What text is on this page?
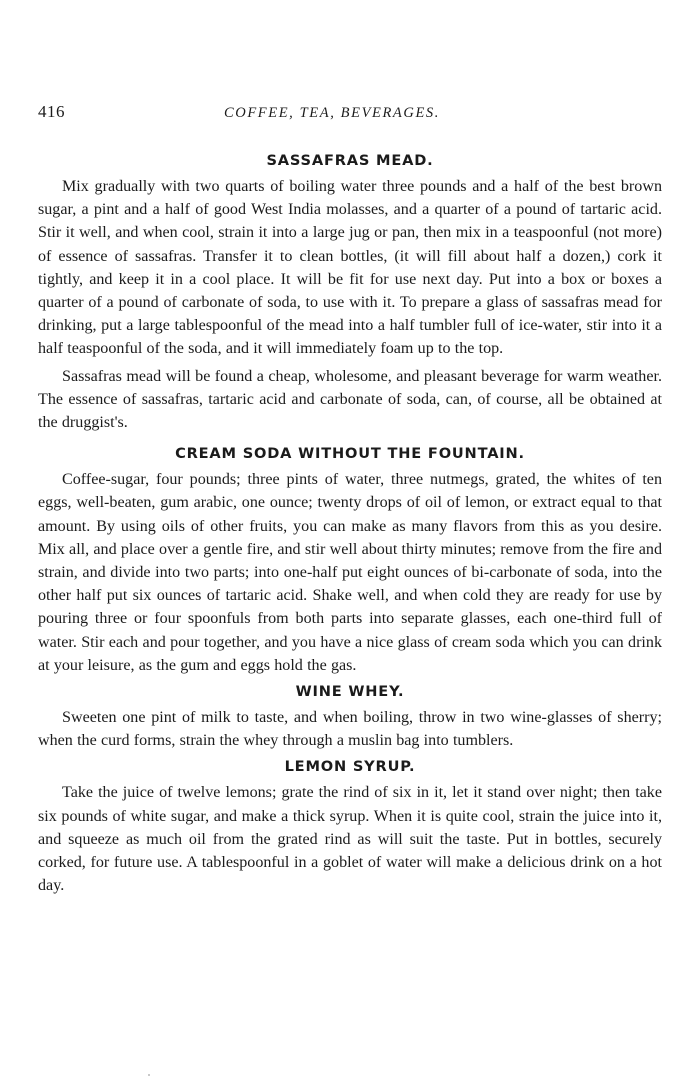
416	COFFEE, TEA, BEVERAGES.
SASSAFRAS MEAD.

Mix gradually with two quarts of boiling water three pounds and a half of the best brown sugar, a pint and a half of good West India molasses, and a quarter of a pound of tartaric acid. Stir it well, and when cool, strain it into a large jug or pan, then mix in a teaspoonful (not more) of essence of sassafras. Transfer it to clean bottles, (it will fill about half a dozen,) cork it tightly, and keep it in a cool place. It will be fit for use next day. Put into a box or boxes a quarter of a pound of carbonate of soda, to use with it. To prepare a glass of sassafras mead for drinking, put a large tablespoonful of the mead into a half tumbler full of ice-water, stir into it a half teaspoonful of the soda, and it will immediately foam up to the top.

Sassafras mead will be found a cheap, wholesome, and pleasant beverage for warm weather. The essence of sassafras, tartaric acid and carbonate of soda, can, of course, all be obtained at the druggist's.

CREAM SODA WITHOUT THE FOUNTAIN.

Coffee-sugar, four pounds; three pints of water, three nutmegs, grated, the whites of ten eggs, well-beaten, gum arabic, one ounce; twenty drops of oil of lemon, or extract equal to that amount. By using oils of other fruits, you can make as many flavors from this as you desire. Mix all, and place over a gentle fire, and stir well about thirty minutes; remove from the fire and strain, and divide into two parts; into one-half put eight ounces of bi-carbonate of soda, into the other half put six ounces of tartaric acid. Shake well, and when cold they are ready for use by pouring three or four spoonfuls from both parts into separate glasses, each one-third full of water. Stir each and pour together, and you have a nice glass of cream soda which you can drink at your leisure, as the gum and eggs hold the gas.

WINE WHEY.

Sweeten one pint of milk to taste, and when boiling, throw in two wine-glasses of sherry; when the curd forms, strain the whey through a muslin bag into tumblers.

LEMON SYRUP.

Take the juice of twelve lemons; grate the rind of six in it, let it stand over night; then take six pounds of white sugar, and make a thick syrup. When it is quite cool, strain the juice into it, and squeeze as much oil from the grated rind as will suit the taste. Put in bottles, securely corked, for future use. A tablespoonful in a goblet of water will make a delicious drink on a hot day.
